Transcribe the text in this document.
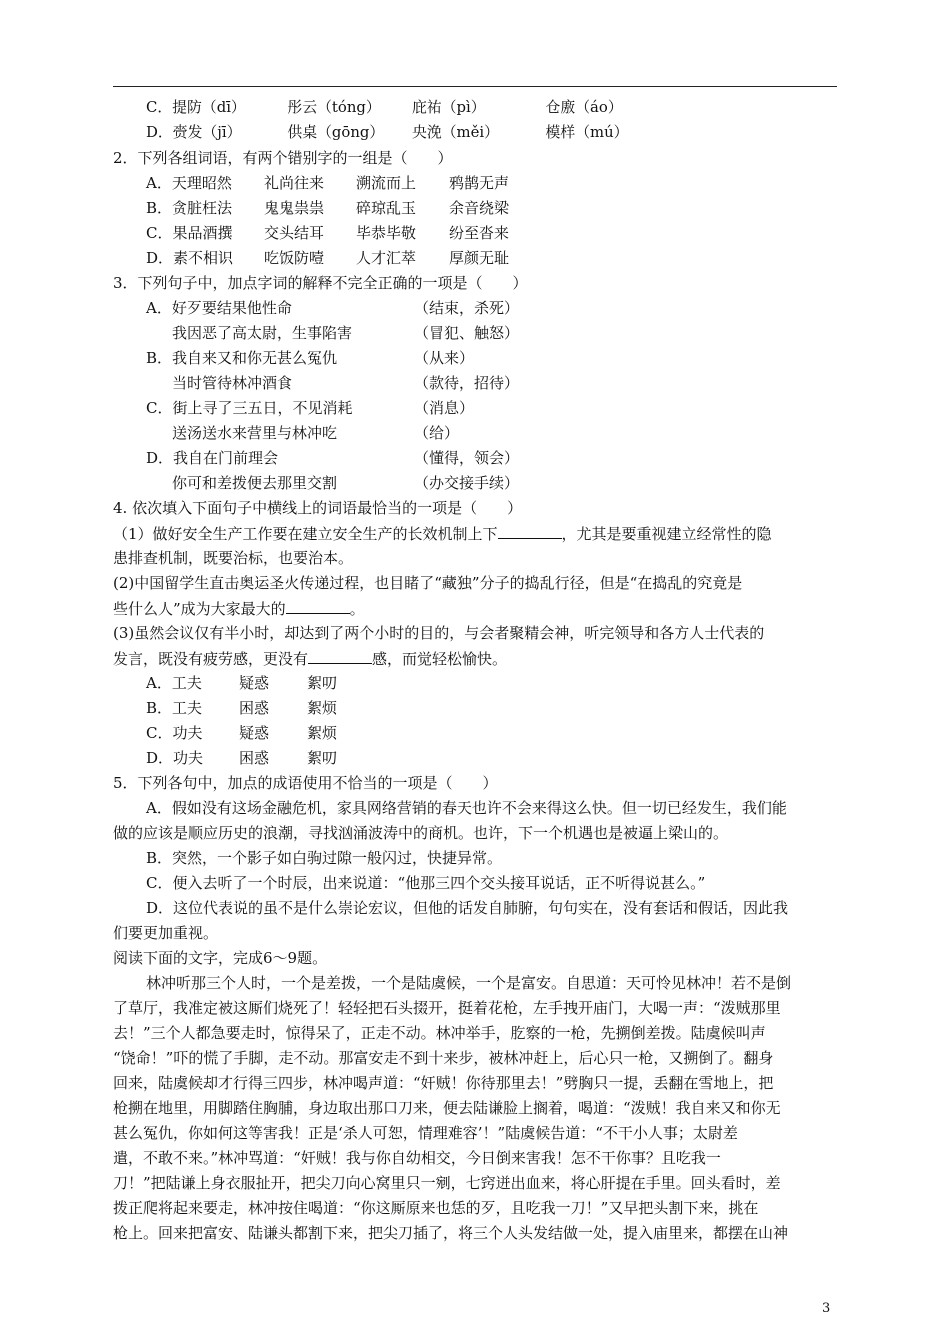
C．提防（dī）	彤云（tóng） 庇祐（pì）	仓廒（áo）
D．赍发（jī）	供桌（gōng） 央浼（měi）	模样（mú）
2．下列各组词语，有两个错别字的一组是（　　）
A．天理昭然 礼尚往来 溯流而上 鸦鹊无声
B．贪脏枉法 鬼鬼祟祟 碎琼乱玉 余音绕梁
C．果品酒撰 交头结耳 毕恭毕敬 纷至沓来
D．素不相识 吃饭防噎 人才汇萃 厚颜无耻
3．下列句子中，加点字词的解释不完全正确的一项是（　　）
A．好歹要结果他性命	（结束，杀死）
我因恶了高太尉，生事陷害	（冒犯、触怒）
B．我自来又和你无甚么冤仇	（从来）
当时管待林冲酒食	（款待，招待）
C．街上寻了三五日，不见消耗	（消息）
送汤送水来营里与林冲吃	（给）
D．我自在门前理会	（懂得，领会）
你可和差拨便去那里交割	（办交接手续）
4. 依次填入下面句子中横线上的词语最恰当的一项是（　　）
（1）做好安全生产工作要在建立安全生产的长效机制上下	，尤其是要重视建立经常性的隐
患排查机制，既要治标，也要治本。
(2)中国留学生直击奥运圣火传递过程，也目睹了“藏独”分子的捣乱行径，但是“在捣乱的究竟是
些什么人”成为大家最大的	。
(3)虽然会议仅有半小时，却达到了两个小时的目的，与会者聚精会神，听完领导和各方人士代表的
发言，既没有疲劳感，更没有	感，而觉轻松愉快。
A．工夫 疑惑	絮叨
B．工夫 困惑	絮烦
C．功夫 疑惑	絮烦
D．功夫 困惑	絮叨
5．下列各句中，加点的成语使用不恰当的一项是（　　）
A．假如没有这场金融危机，家具网络营销的春天也许不会来得这么快。但一切已经发生，我们能
做的应该是顺应历史的浪潮，寻找汹涌波涛中的商机。也许，下一个机遇也是被逼上梁山的。
B．突然，一个影子如白驹过隙一般闪过，快捷异常。
C．便入去听了一个时辰，出来说道：“他那三四个交头接耳说话，正不听得说甚么。”
D．这位代表说的虽不是什么崇论宏议，但他的话发自肺腑，句句实在，没有套话和假话，因此我
们要更加重视。
阅读下面的文字，完成6～9题。
林冲听那三个人时，一个是差拨，一个是陆虞候，一个是富安。自思道：天可怜见林冲！若不是倒
了草厅，我准定被这厮们烧死了！轻轻把石头掇开，挺着花枪，左手拽开庙门，大喝一声：“泼贼那里
去！”三个人都急要走时，惊得呆了，正走不动。林冲举手，肐察的一枪，先搠倒差拨。陆虞候叫声
“饶命！”吓的慌了手脚，走不动。那富安走不到十来步，被林冲赶上，后心只一枪，又搠倒了。翻身
回来，陆虞候却才行得三四步，林冲喝声道：“奸贼！你待那里去！”劈胸只一提，丢翻在雪地上，把
枪搠在地里，用脚踏住胸脯，身边取出那口刀来，便去陆谦脸上搁着，喝道：“泼贼！我自来又和你无
甚么冤仇，你如何这等害我！正是‘杀人可恕，情理难容’！”陆虞候告道：“不干小人事；太尉差
遣，不敢不来。”林冲骂道：“奸贼！我与你自幼相交，今日倒来害我！怎不干你事？且吃我一
刀！”把陆谦上身衣服扯开，把尖刀向心窝里只一剜，七窍迸出血来，将心肝提在手里。回头看时，差
拨正爬将起来要走，林冲按住喝道：“你这厮原来也恁的歹，且吃我一刀！”又早把头割下来，挑在
枪上。回来把富安、陆谦头都割下来，把尖刀插了，将三个人头发结做一处，提入庙里来，都摆在山神
3
